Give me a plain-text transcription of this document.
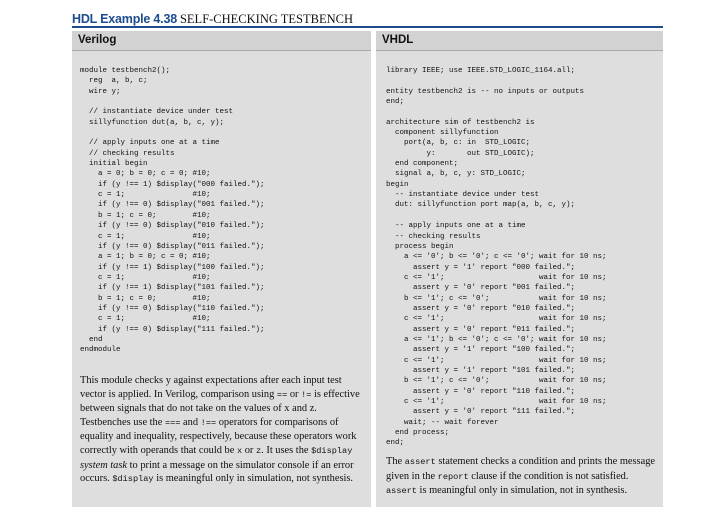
HDL Example 4.38 SELF-CHECKING TESTBENCH
Verilog
module testbench2();
reg  a, b, c;
wire y;

// instantiate device under test
sillyfunction dut(a, b, c, y);

// apply inputs one at a time
// checking results
initial begin
a = 0; b = 0; c = 0; #10;
if (y !== 1) $display("000 failed.");
c = 1;               #10;
if (y !== 0) $display("001 failed.");
b = 1; c = 0;        #10;
if (y !== 0) $display("010 failed.");
c = 1;               #10;
if (y !== 0) $display("011 failed.");
a = 1; b = 0; c = 0; #10;
if (y !== 1) $display("100 failed.");
c = 1;               #10;
if (y !== 1) $display("101 failed.");
b = 1; c = 0;        #10;
if (y !== 0) $display("110 failed.");
c = 1;               #10;
if (y !== 0) $display("111 failed.");
end
endmodule
This module checks y against expectations after each input test vector is applied. In Verilog, comparison using == or != is effective between signals that do not take on the values of x and z. Testbenches use the === and !== operators for comparisons of equality and inequality, respectively, because these operators work correctly with operands that could be x or z. It uses the $display system task to print a message on the simulator console if an error occurs. $display is meaningful only in simulation, not synthesis.
VHDL
library IEEE; use IEEE.STD_LOGIC_1164.all;

entity testbench2 is -- no inputs or outputs
end;

architecture sim of testbench2 is
component sillyfunction
port(a, b, c: in  STD_LOGIC;
y:       out STD_LOGIC);
end component;
signal a, b, c, y: STD_LOGIC;
begin
-- instantiate device under test
dut: sillyfunction port map(a, b, c, y);

-- apply inputs one at a time
-- checking results
process begin
a <= '0'; b <= '0'; c <= '0'; wait for 10 ns;
assert y = '1' report "000 failed.";
c <= '1';                     wait for 10 ns;
assert y = '0' report "001 failed.";
b <= '1'; c <= '0';           wait for 10 ns;
assert y = '0' report "010 failed.";
c <= '1';                     wait for 10 ns;
assert y = '0' report "011 failed.";
a <= '1'; b <= '0'; c <= '0'; wait for 10 ns;
assert y = '1' report "100 failed.";
c <= '1';                     wait for 10 ns;
assert y = '1' report "101 failed.";
b <= '1'; c <= '0';           wait for 10 ns;
assert y = '0' report "110 failed.";
c <= '1';                     wait for 10 ns;
assert y = '0' report "111 failed.";
wait; -- wait forever
end process;
end;
The assert statement checks a condition and prints the message given in the report clause if the condition is not satisfied. assert is meaningful only in simulation, not in synthesis.
